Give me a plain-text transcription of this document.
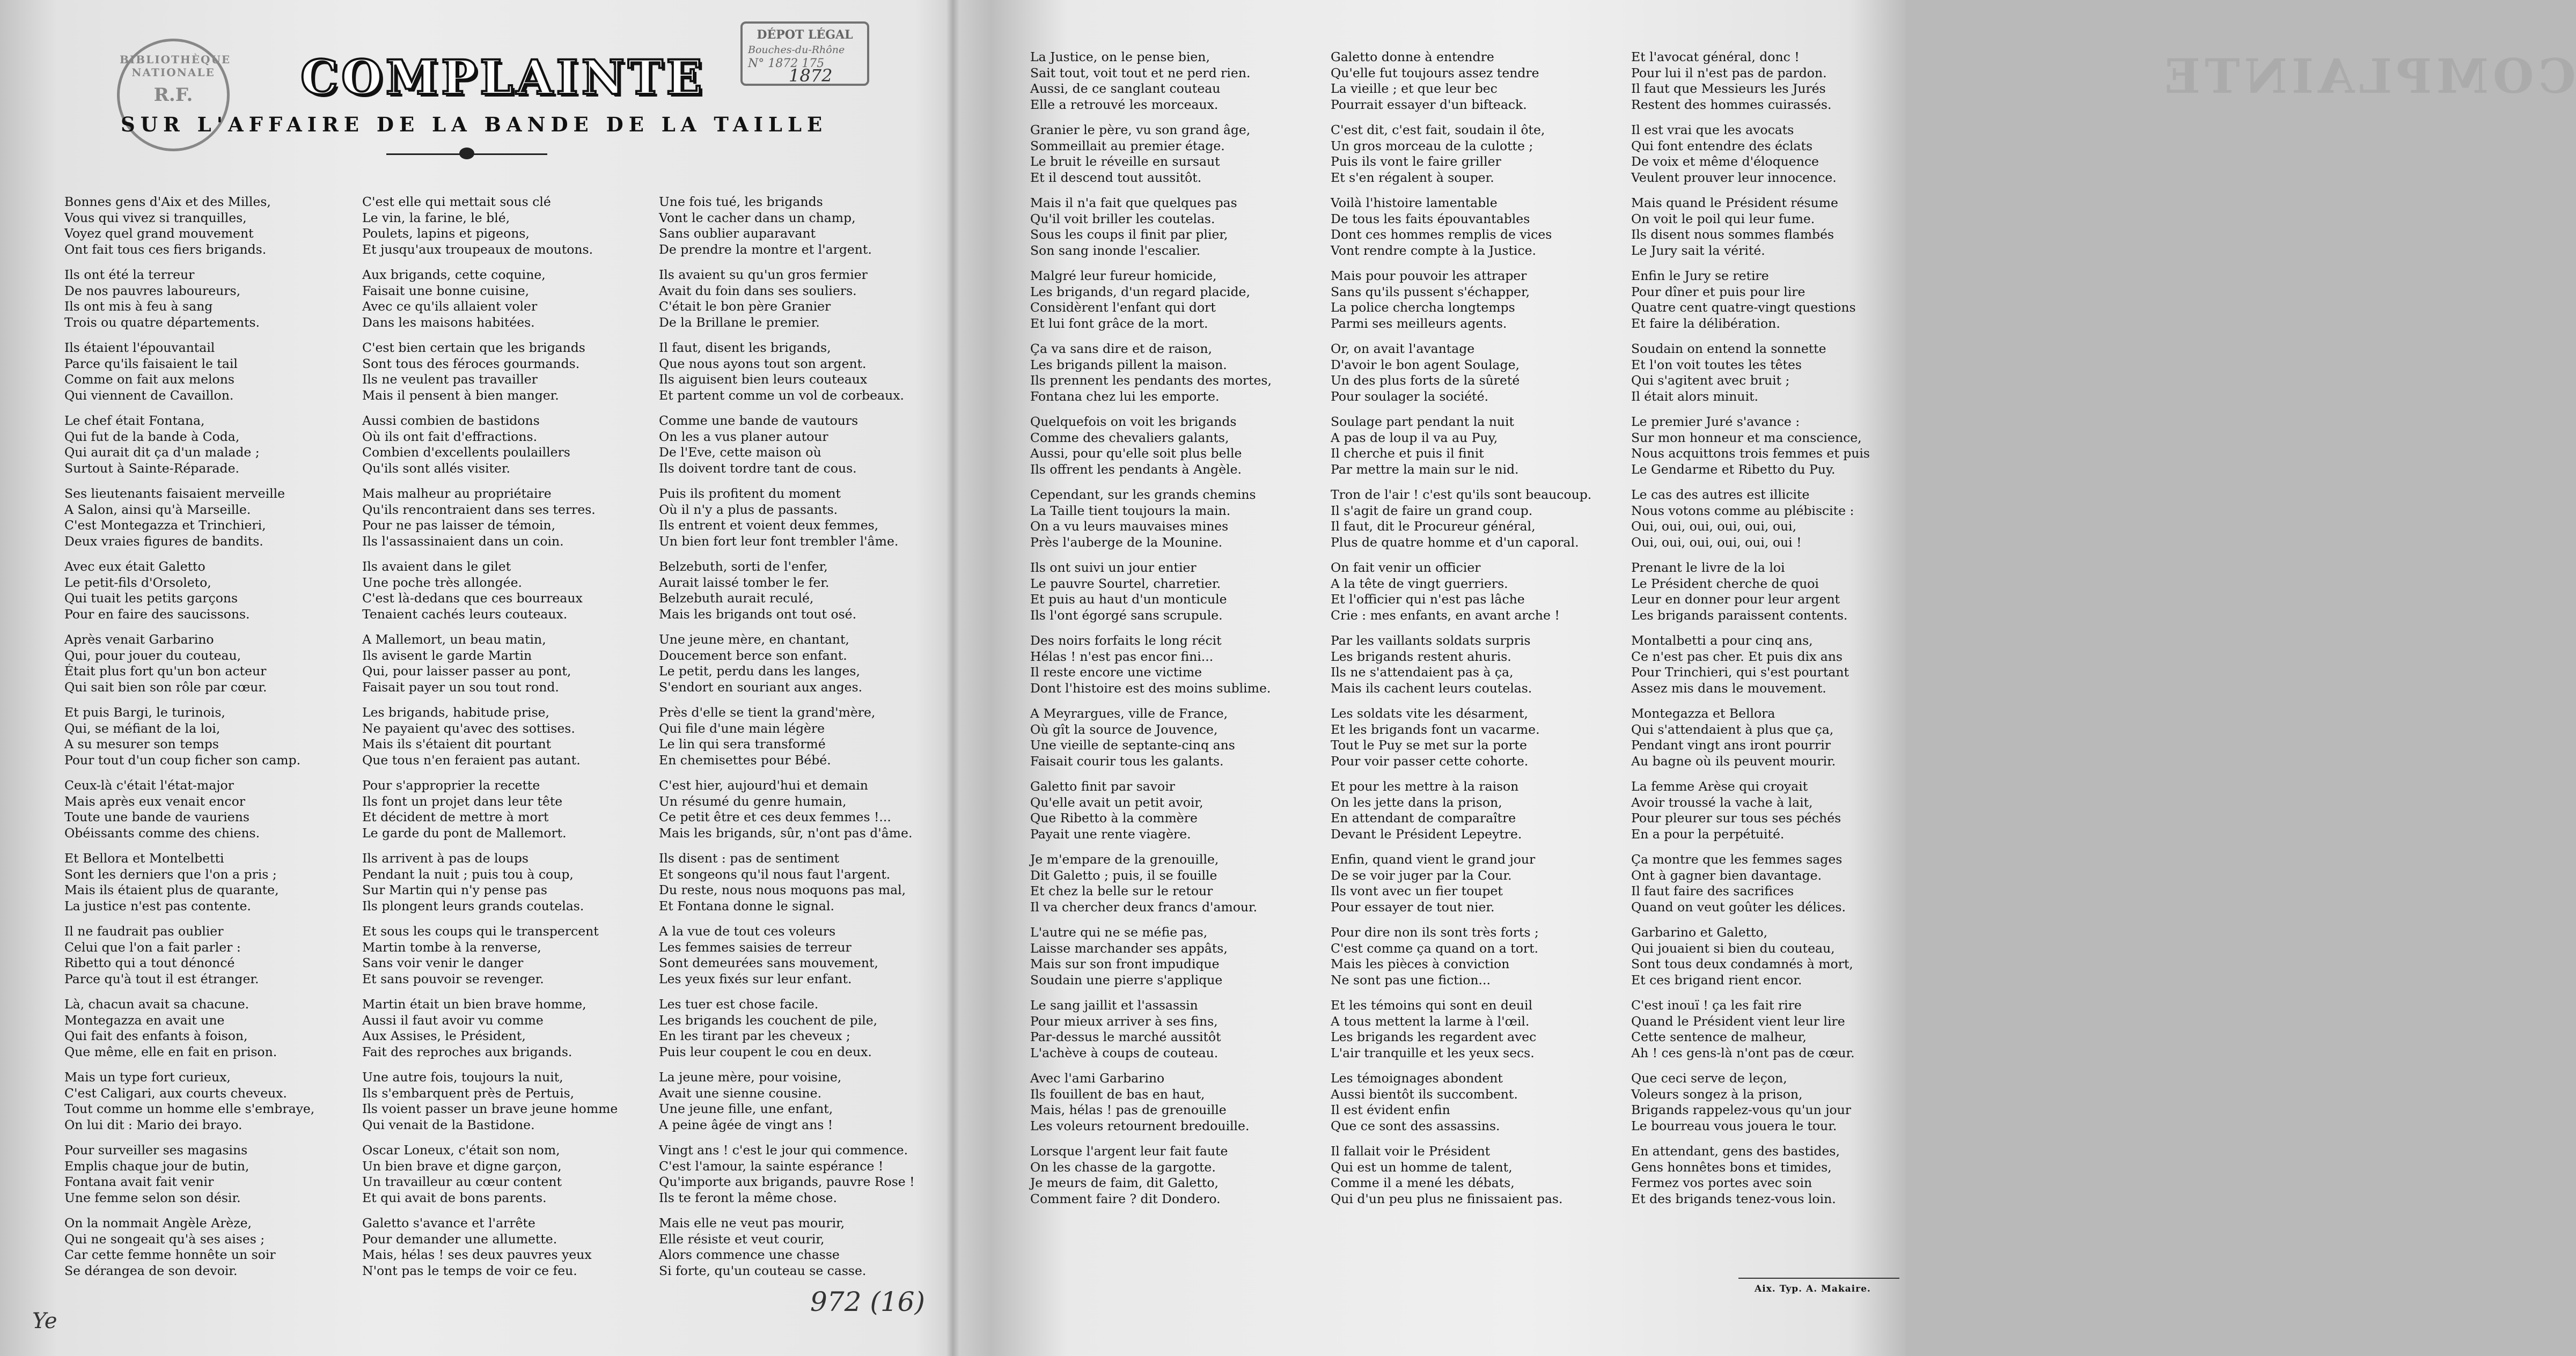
BIBLIOTHÈQUE NATIONALE
R.F.	COMPLAINTE
DÉPOT LÉGAL
Bouches-du-Rhône
N° 1872 175
1872
SUR L'AFFAIRE DE LA BANDE DE LA TAILLE
Bonnes gens d'Aix et des Milles,
Vous qui vivez si tranquilles,
Voyez quel grand mouvement
Ont fait tous ces fiers brigands.
Ils ont été la terreur
De nos pauvres laboureurs,
Ils ont mis à feu à sang
Trois ou quatre départements.
Ils étaient l'épouvantail
Parce qu'ils faisaient le tail
Comme on fait aux melons
Qui viennent de Cavaillon.
Le chef était Fontana,
Qui fut de la bande à Coda,
Qui aurait dit ça d'un malade ;
Surtout à Sainte-Réparade.
Ses lieutenants faisaient merveille
A Salon, ainsi qu'à Marseille.
C'est Montegazza et Trinchieri,
Deux vraies figures de bandits.
Avec eux était Galetto
Le petit-fils d'Orsoleto,
Qui tuait les petits garçons
Pour en faire des saucissons.
Après venait Garbarino
Qui, pour jouer du couteau,
Était plus fort qu'un bon acteur
Qui sait bien son rôle par cœur.
Et puis Bargi, le turinois,
Qui, se méfiant de la loi,
A su mesurer son temps
Pour tout d'un coup ficher son camp.
Ceux-là c'était l'état-major
Mais après eux venait encor
Toute une bande de vauriens
Obéissants comme des chiens.
Et Bellora et Montelbetti
Sont les derniers que l'on a pris ;
Mais ils étaient plus de quarante,
La justice n'est pas contente.
Il ne faudrait pas oublier
Celui que l'on a fait parler :
Ribetto qui a tout dénoncé
Parce qu'à tout il est étranger.
Là, chacun avait sa chacune.
Montegazza en avait une
Qui fait des enfants à foison,
Que même, elle en fait en prison.
Mais un type fort curieux,
C'est Caligari, aux courts cheveux.
Tout comme un homme elle s'embraye,
On lui dit : Mario dei brayo.
Pour surveiller ses magasins
Emplis chaque jour de butin,
Fontana avait fait venir
Une femme selon son désir.
On la nommait Angèle Arèze,
Qui ne songeait qu'à ses aises ;
Car cette femme honnête un soir
Se dérangea de son devoir.
C'est elle qui mettait sous clé
Le vin, la farine, le blé,
Poulets, lapins et pigeons,
Et jusqu'aux troupeaux de moutons.
Aux brigands, cette coquine,
Faisait une bonne cuisine,
Avec ce qu'ils allaient voler
Dans les maisons habitées.
C'est bien certain que les brigands
Sont tous des féroces gourmands.
Ils ne veulent pas travailler
Mais il pensent à bien manger.
Aussi combien de bastidons
Où ils ont fait d'effractions.
Combien d'excellents poulaillers
Qu'ils sont allés visiter.
Mais malheur au propriétaire
Qu'ils rencontraient dans ses terres.
Pour ne pas laisser de témoin,
Ils l'assassinaient dans un coin.
Ils avaient dans le gilet
Une poche très allongée.
C'est là-dedans que ces bourreaux
Tenaient cachés leurs couteaux.
A Mallemort, un beau matin,
Ils avisent le garde Martin
Qui, pour laisser passer au pont,
Faisait payer un sou tout rond.
Les brigands, habitude prise,
Ne payaient qu'avec des sottises.
Mais ils s'étaient dit pourtant
Que tous n'en feraient pas autant.
Pour s'approprier la recette
Ils font un projet dans leur tête
Et décident de mettre à mort
Le garde du pont de Mallemort.
Ils arrivent à pas de loups
Pendant la nuit ; puis tou à coup,
Sur Martin qui n'y pense pas
Ils plongent leurs grands coutelas.
Et sous les coups qui le transpercent
Martin tombe à la renverse,
Sans voir venir le danger
Et sans pouvoir se revenger.
Martin était un bien brave homme,
Aussi il faut avoir vu comme
Aux Assises, le Président,
Fait des reproches aux brigands.
Une autre fois, toujours la nuit,
Ils s'embarquent près de Pertuis,
Ils voient passer un brave jeune homme
Qui venait de la Bastidone.
Oscar Loneux, c'était son nom,
Un bien brave et digne garçon,
Un travailleur au cœur content
Et qui avait de bons parents.
Galetto s'avance et l'arrête
Pour demander une allumette.
Mais, hélas ! ses deux pauvres yeux
N'ont pas le temps de voir ce feu.
Une fois tué, les brigands
Vont le cacher dans un champ,
Sans oublier auparavant
De prendre la montre et l'argent.
Ils avaient su qu'un gros fermier
Avait du foin dans ses souliers.
C'était le bon père Granier
De la Brillane le premier.
Il faut, disent les brigands,
Que nous ayons tout son argent.
Ils aiguisent bien leurs couteaux
Et partent comme un vol de corbeaux.
Comme une bande de vautours
On les a vus planer autour
De l'Eve, cette maison où
Ils doivent tordre tant de cous.
Puis ils profitent du moment
Où il n'y a plus de passants.
Ils entrent et voient deux femmes,
Un bien fort leur font trembler l'âme.
Belzebuth, sorti de l'enfer,
Aurait laissé tomber le fer.
Belzebuth aurait reculé,
Mais les brigands ont tout osé.
Une jeune mère, en chantant,
Doucement berce son enfant.
Le petit, perdu dans les langes,
S'endort en souriant aux anges.
Près d'elle se tient la grand'mère,
Qui file d'une main légère
Le lin qui sera transformé
En chemisettes pour Bébé.
C'est hier, aujourd'hui et demain
Un résumé du genre humain,
Ce petit être et ces deux femmes !...
Mais les brigands, sûr, n'ont pas d'âme.
Ils disent : pas de sentiment
Et songeons qu'il nous faut l'argent.
Du reste, nous nous moquons pas mal,
Et Fontana donne le signal.
A la vue de tout ces voleurs
Les femmes saisies de terreur
Sont demeurées sans mouvement,
Les yeux fixés sur leur enfant.
Les tuer est chose facile.
Les brigands les couchent de pile,
En les tirant par les cheveux ;
Puis leur coupent le cou en deux.
La jeune mère, pour voisine,
Avait une sienne cousine.
Une jeune fille, une enfant,
A peine âgée de vingt ans !
Vingt ans ! c'est le jour qui commence.
C'est l'amour, la sainte espérance !
Qu'importe aux brigands, pauvre Rose !
Ils te feront la même chose.
Mais elle ne veut pas mourir,
Elle résiste et veut courir,
Alors commence une chasse
Si forte, qu'un couteau se casse.
972 (16)
Ye
COMPLAINTE
La Justice, on le pense bien,
Sait tout, voit tout et ne perd rien.
Aussi, de ce sanglant couteau
Elle a retrouvé les morceaux.
Granier le père, vu son grand âge,
Sommeillait au premier étage.
Le bruit le réveille en sursaut
Et il descend tout aussitôt.
Mais il n'a fait que quelques pas
Qu'il voit briller les coutelas.
Sous les coups il finit par plier,
Son sang inonde l'escalier.
Malgré leur fureur homicide,
Les brigands, d'un regard placide,
Considèrent l'enfant qui dort
Et lui font grâce de la mort.
Ça va sans dire et de raison,
Les brigands pillent la maison.
Ils prennent les pendants des mortes,
Fontana chez lui les emporte.
Quelquefois on voit les brigands
Comme des chevaliers galants,
Aussi, pour qu'elle soit plus belle
Ils offrent les pendants à Angèle.
Cependant, sur les grands chemins
La Taille tient toujours la main.
On a vu leurs mauvaises mines
Près l'auberge de la Mounine.
Ils ont suivi un jour entier
Le pauvre Sourtel, charretier.
Et puis au haut d'un monticule
Ils l'ont égorgé sans scrupule.
Des noirs forfaits le long récit
Hélas ! n'est pas encor fini...
Il reste encore une victime
Dont l'histoire est des moins sublime.
A Meyrargues, ville de France,
Où gît la source de Jouvence,
Une vieille de septante-cinq ans
Faisait courir tous les galants.
Galetto finit par savoir
Qu'elle avait un petit avoir,
Que Ribetto à la commère
Payait une rente viagère.
Je m'empare de la grenouille,
Dit Galetto ; puis, il se fouille
Et chez la belle sur le retour
Il va chercher deux francs d'amour.
L'autre qui ne se méfie pas,
Laisse marchander ses appâts,
Mais sur son front impudique
Soudain une pierre s'applique
Le sang jaillit et l'assassin
Pour mieux arriver à ses fins,
Par-dessus le marché aussitôt
L'achève à coups de couteau.
Avec l'ami Garbarino
Ils fouillent de bas en haut,
Mais, hélas ! pas de grenouille
Les voleurs retournent bredouille.
Lorsque l'argent leur fait faute
On les chasse de la gargotte.
Je meurs de faim, dit Galetto,
Comment faire ? dit Dondero.
Galetto donne à entendre
Qu'elle fut toujours assez tendre
La vieille ; et que leur bec
Pourrait essayer d'un bifteack.
C'est dit, c'est fait, soudain il ôte,
Un gros morceau de la culotte ;
Puis ils vont le faire griller
Et s'en régalent à souper.
Voilà l'histoire lamentable
De tous les faits épouvantables
Dont ces hommes remplis de vices
Vont rendre compte à la Justice.
Mais pour pouvoir les attraper
Sans qu'ils pussent s'échapper,
La police chercha longtemps
Parmi ses meilleurs agents.
Or, on avait l'avantage
D'avoir le bon agent Soulage,
Un des plus forts de la sûreté
Pour soulager la société.
Soulage part pendant la nuit
A pas de loup il va au Puy,
Il cherche et puis il finit
Par mettre la main sur le nid.
Tron de l'air ! c'est qu'ils sont beaucoup.
Il s'agit de faire un grand coup.
Il faut, dit le Procureur général,
Plus de quatre homme et d'un caporal.
On fait venir un officier
A la tête de vingt guerriers.
Et l'officier qui n'est pas lâche
Crie : mes enfants, en avant arche !
Par les vaillants soldats surpris
Les brigands restent ahuris.
Ils ne s'attendaient pas à ça,
Mais ils cachent leurs coutelas.
Les soldats vite les désarment,
Et les brigands font un vacarme.
Tout le Puy se met sur la porte
Pour voir passer cette cohorte.
Et pour les mettre à la raison
On les jette dans la prison,
En attendant de comparaître
Devant le Président Lepeytre.
Enfin, quand vient le grand jour
De se voir juger par la Cour.
Ils vont avec un fier toupet
Pour essayer de tout nier.
Pour dire non ils sont très forts ;
C'est comme ça quand on a tort.
Mais les pièces à conviction
Ne sont pas une fiction...
Et les témoins qui sont en deuil
A tous mettent la larme à l'œil.
Les brigands les regardent avec
L'air tranquille et les yeux secs.
Les témoignages abondent
Aussi bientôt ils succombent.
Il est évident enfin
Que ce sont des assassins.
Il fallait voir le Président
Qui est un homme de talent,
Comme il a mené les débats,
Qui d'un peu plus ne finissaient pas.
Et l'avocat général, donc !
Pour lui il n'est pas de pardon.
Il faut que Messieurs les Jurés
Restent des hommes cuirassés.
Il est vrai que les avocats
Qui font entendre des éclats
De voix et même d'éloquence
Veulent prouver leur innocence.
Mais quand le Président résume
On voit le poil qui leur fume.
Ils disent nous sommes flambés
Le Jury sait la vérité.
Enfin le Jury se retire
Pour dîner et puis pour lire
Quatre cent quatre-vingt questions
Et faire la délibération.
Soudain on entend la sonnette
Et l'on voit toutes les têtes
Qui s'agitent avec bruit ;
Il était alors minuit.
Le premier Juré s'avance :
Sur mon honneur et ma conscience,
Nous acquittons trois femmes et puis
Le Gendarme et Ribetto du Puy.
Le cas des autres est illicite
Nous votons comme au plébiscite :
Oui, oui, oui, oui, oui, oui,
Oui, oui, oui, oui, oui, oui !
Prenant le livre de la loi
Le Président cherche de quoi
Leur en donner pour leur argent
Les brigands paraissent contents.
Montalbetti a pour cinq ans,
Ce n'est pas cher. Et puis dix ans
Pour Trinchieri, qui s'est pourtant
Assez mis dans le mouvement.
Montegazza et Bellora
Qui s'attendaient à plus que ça,
Pendant vingt ans iront pourrir
Au bagne où ils peuvent mourir.
La femme Arèse qui croyait
Avoir troussé la vache à lait,
Pour pleurer sur tous ses péchés
En a pour la perpétuité.
Ça montre que les femmes sages
Ont à gagner bien davantage.
Il faut faire des sacrifices
Quand on veut goûter les délices.
Garbarino et Galetto,
Qui jouaient si bien du couteau,
Sont tous deux condamnés à mort,
Et ces brigand rient encor.
C'est inouï ! ça les fait rire
Quand le Président vient leur lire
Cette sentence de malheur,
Ah ! ces gens-là n'ont pas de cœur.
Que ceci serve de leçon,
Voleurs songez à la prison,
Brigands rappelez-vous qu'un jour
Le bourreau vous jouera le tour.
En attendant, gens des bastides,
Gens honnêtes bons et timides,
Fermez vos portes avec soin
Et des brigands tenez-vous loin.
Aix. Typ. A. Makaire.
